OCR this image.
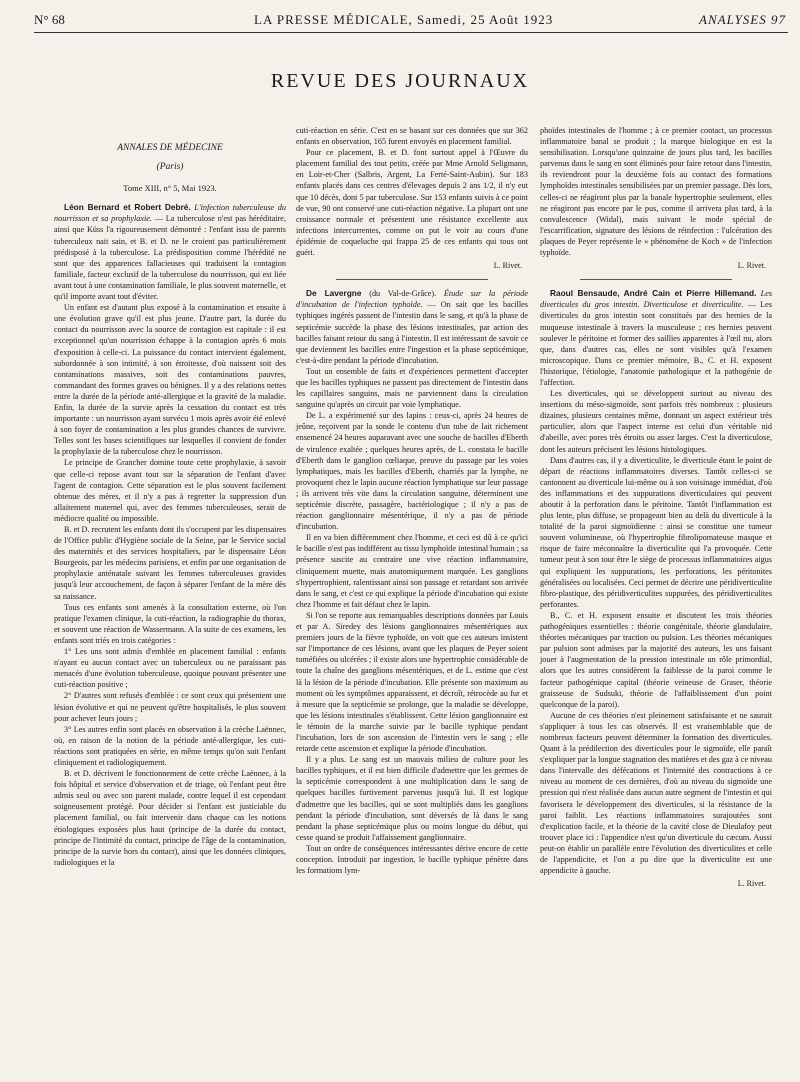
N° 68	LA PRESSE MÉDICALE, Samedi, 25 Août 1923	ANALYSES 97
REVUE DES JOURNAUX

ANNALES DE MÉDECINE

(Paris)

Tome XIII, n° 5, Mai 1923.

Léon Bernard et Robert Debré. L'infection tuberculeuse du nourrisson et sa prophylaxie. — La tuberculose n'est pas héréditaire, ainsi que Küss l'a rigoureusement démontré : l'enfant issu de parents tuberculeux nait sain, et B. et D. ne le croient pas particulièrement prédisposé à la tuberculose. La prédisposition comme l'hérédité ne sont que des apparences fallacieuses qui traduisent la contagion familiale, facteur exclusif de la tuberculose du nourrisson, qui est liée avant tout à une contamination familiale, le plus souvent maternelle, et qu'il importe avant tout d'éviter.

Un enfant est d'autant plus exposé à la contamination et ensuite à une évolution grave qu'il est plus jeune. D'autre part, la durée du contact du nourrisson avec la source de contagion est capitale : il est exceptionnel qu'un nourrisson échappe à la contagion après 6 mois d'exposition à celle-ci. La puissance du contact intervient également, subordonnée à son intimité, à son étroitesse, d'où naissent soit des contaminations massives, soit des contaminations pauvres, commandant des formes graves ou bénignes. Il y a des relations nettes entre la durée de la période anté-allergique et la gravité de la maladie. Enfin, la durée de la survie après la cessation du contact est très importante : un nourrisson ayant survécu 1 mois après avoir été enlevé à son foyer de contamination a les plus grandes chances de survivre. Telles sont les bases scientifiques sur lesquelles il convient de fonder la prophylaxie de la tuberculose chez le nourrisson.

Le principe de Grancher domine toute cette prophylaxie, à savoir que celle-ci repose avant tout sur la séparation de l'enfant d'avec l'agent de contagion. Cette séparation est le plus souvent facilement obtenue des mères, et il n'y a pas à regretter la suppression d'un allaitement maternel qui, avec des femmes tuberculeuses, serait de médiocre qualité ou impossible.

B. et D. recrutent les enfants dont ils s'occupent par les dispensaires de l'Office public d'Hygiène sociale de la Seine, par le Service social des maternités et des services hospitaliers, par le dispensaire Léon Bourgeois, par les médecins parisiens, et enfin par une organisation de prophylaxie anténatale suivant les femmes tuberculeuses gravides jusqu'à leur accouchement, de façon à séparer l'enfant de la mère dès sa naissance.

Tous ces enfants sont amenés à la consultation externe, où l'on pratique l'examen clinique, la cuti-réaction, la radiographie du thorax, et souvent une réaction de Wassermann. A la suite de ces examens, les enfants sont triés en trois catégories :

1° Les uns sont admis d'emblée en placement familial : enfants n'ayant eu aucun contact avec un tuberculeux ou ne paraissant pas menacés d'une évolution tuberculeuse, quoique pouvant présenter une cuti-réaction positive ;

2° D'autres sont refusés d'emblée : ce sont ceux qui présentent une lésion évolutive et qui ne peuvent qu'être hospitalisés, le plus souvent pour achever leurs jours ;

3° Les autres enfin sont placés en observation à la crèche Laënnec, où, en raison de la notion de la période anté-allergique, les cuti-réactions sont pratiquées en série, en même temps qu'on suit l'enfant cliniquement et radiologiquement.

B. et D. décrivent le fonctionnement de cette crèche Laënnec, à la fois hôpital et service d'observation et de triage, où l'enfant peut être admis seul ou avec son parent malade, contre lequel il est cependant soigneusement protégé. Pour décider si l'enfant est justiciable du placement familial, ou fait intervenir dans chaque cas les notions étiologiques exposées plus haut (principe de la durée du contact, principe de l'intimité du contact, principe de l'âge de la contamination, principe de la survie hors du contact), ainsi que les données cliniques, radiologiques et la

cuti-réaction en série. C'est en se basant sur ces données que sur 362 enfants en observation, 165 furent envoyés en placement familial.

Pour ce placement, B. et D. font surtout appel à l'Œuvre du placement familial des tout petits, créée par Mme Arnold Seligmann, en Loir-et-Cher (Salbris, Argent, La Ferté-Saint-Aubin). Sur 183 enfants placés dans ces centres d'élevages depuis 2 ans 1/2, il n'y eut que 10 décès, dont 5 par tuberculose. Sur 153 enfants suivis à ce point de vue, 90 ont conservé une cuti-réaction négative. La plupart ont une croissance normale et présentent une résistance excellente aux infections intercurrentes, comme on put le voir au cours d'une épidémie de coqueluche qui frappa 25 de ces enfants qui tous ont guéri.

L. Rivet.

De Lavergne (du Val-de-Grâce). Étude sur la période d'incubation de l'infection typhoïde. — On sait que les bacilles typhiques ingérés passent de l'intestin dans le sang, et qu'à la phase de septicémie succède la phase des lésions intestinales, par action des bacilles faisant retour du sang à l'intestin. Il est intéressant de savoir ce que deviennent les bacilles entre l'ingestion et la phase septicémique, c'est-à-dire pendant la période d'incubation.

Tout un ensemble de faits et d'expériences permettent d'accepter que les bacilles typhiques ne passent pas directement de l'intestin dans les capillaires sanguins, mais ne parviennent dans la circulation sanguine qu'après un circuit par voie lymphatique.

De L. a expérimenté sur des lapins : ceux-ci, après 24 heures de jeûne, reçoivent par la sonde le contenu d'un tube de lait richement ensemencé 24 heures auparavant avec une souche de bacilles d'Eberth de virulence exaltée ; quelques heures après, de L. constata le bacille d'Eberth dans le ganglion cœliaque, preuve du passage par les voies lymphatiques, mais les bacilles d'Eberth, charriés par la lymphe, ne provoquent chez le lapin aucune réaction lymphatique sur leur passage ; ils arrivent très vite dans la circulation sanguine, déterminent une septicémie discrète, passagère, bactériologique ; il n'y a pas de réaction ganglionnaire mésentérique, il n'y a pas de période d'incubation.

Il en va bien différemment chez l'homme, et ceci est dû à ce qu'ici le bacille n'est pas indifférent au tissu lymphoïde intestinal humain ; sa présence suscite au contraire une vive réaction inflammatoire, cliniquement muette, mais anatomiquement marquée. Les ganglions s'hypertrophient, ralentissant ainsi son passage et retardant son arrivée dans le sang, et c'est ce qui explique la période d'incubation qui existe chez l'homme et fait défaut chez le lapin.

Si l'on se reporte aux remarquables descriptions données par Louis et par A. Siredey des lésions ganglionnaires mésentériques aux premiers jours de la fièvre typhoïde, on voit que ces auteurs insistent sur l'importance de ces lésions, avant que les plaques de Peyer soient tuméfiées ou ulcérées ; il existe alors une hypertrophie considérable de toute la chaîne des ganglions mésentériques, et de L. estime que c'est là la lésion de la période d'incubation. Elle présente son maximum au moment où les symptômes apparaissent, et décroît, rétrocède au fur et à mesure que la septicémie se prolonge, que la maladie se développe, que les lésions intestinales s'établissent. Cette lésion ganglionnaire est le témoin de la marche suivie par le bacille typhique pendant l'incubation, lors de son ascension de l'intestin vers le sang ; elle retarde cette ascension et explique la période d'incubation.

Il y a plus. Le sang est un mauvais milieu de culture pour les bacilles typhiques, et il est bien difficile d'admettre que les germes de la septicémie correspondent à une multiplication dans le sang de quelques bacilles furtivement parvenus jusqu'à lui. Il est logique d'admettre que les bacilles, qui se sont multipliés dans les ganglions pendant la période d'incubation, sont déversés de là dans le sang pendant la phase septicémique plus ou moins longue du début, qui cesse quand se produit l'affaissement ganglionnaire.

Tout un ordre de conséquences intéressantes dérive encore de cette conception. Introduit par ingestion, le bacille typhique pénètre dans les formations lym-

phoïdes intestinales de l'homme ; à ce premier contact, un processus inflammatoire banal se produit ; la marque biologique en est la sensibilisation. Lorsqu'une quinzaine de jours plus tard, les bacilles parvenus dans le sang en sont éliminés pour faire retour dans l'intestin, ils reviendront pour la deuxième fois au contact des formations lymphoïdes intestinales sensibilisées par un premier passage. Dès lors, celles-ci ne réagiront plus par la banale hypertrophie seulement, elles ne réagiront pas encore par le pus, comme il arrivera plus tard, à la convalescence (Widal), mais suivant le mode spécial de l'escarrification, signature des lésions de réinfection : l'ulcération des plaques de Peyer représente le « phénomène de Koch » de l'infection typhoïde.

L. Rivet.

Raoul Bensaude, André Cain et Pierre Hillemand. Les diverticules du gros intestin. Diverticulose et diverticulite. — Les diverticules du gros intestin sont constitués par des hernies de la muqueuse intestinale à travers la musculeuse ; ces hernies peuvent soulever le péritoine et former des saillies apparentes à l'œil nu, alors que, dans d'autres cas, elles ne sont visibles qu'à l'examen microscopique. Dans ce premier mémoire, B., C. et H. exposent l'historique, l'étiologie, l'anatomie pathologique et la pathogénie de l'affection.

Les diverticules, qui se développent surtout au niveau des insertions du méso-sigmoïde, sont parfois très nombreux : plusieurs dizaines, plusieurs centaines même, donnant un aspect extérieur très particulier, alors que l'aspect interne est celui d'un véritable nid d'abeille, avec pores très étroits ou assez larges. C'est la diverticulose, dont les auteurs précisent les lésions histologiques.

Dans d'autres cas, il y a diverticulite, le diverticule étant le point de départ de réactions inflammatoires diverses. Tantôt celles-ci se cantonnent au diverticule lui-même ou à son voisinage immédiat, d'où des inflammations et des suppurations diverticulaires qui peuvent aboutir à la perforation dans le péritoine. Tantôt l'inflammation est plus lente, plus diffuse, se propageant bien au delà du diverticule à la totalité de la paroi sigmoïdienne : ainsi se constitue une tumeur souvent volumineuse, où l'hypertrophie fibrolipomateuse masque et risque de faire méconnaître la diverticulite qui l'a provoquée. Cette tumeur peut à son tour être le siège de processus inflammatoires aigus qui expliquent les suppurations, les perforations, les péritonites généralisées ou localisées. Ceci permet de décrire une péridiverticulite fibro-plastique, des péridiverticulites suppurées, des péridiverticulites perforantes.

B., C. et H. exposent ensuite et discutent les trois théories pathogéniques essentielles : théorie congénitale, théorie glandulaire, théories mécaniques par traction ou pulsion. Les théories mécaniques par pulsion sont admises par la majorité des auteurs, les uns faisant jouer à l'augmentation de la pression intestinale un rôle primordial, alors que les autres considèrent la faiblesse de la paroi comme le facteur pathogénique capital (théorie veineuse de Graser, théorie graisseuse de Sudsuki, théorie de l'affaiblissement d'un point quelconque de la paroi).

Aucune de ces théories n'est pleinement satisfaisante et ne saurait s'appliquer à tous les cas observés. Il est vraisemblable que de nombreux facteurs peuvent déterminer la formation des diverticules. Quant à la prédilection des diverticules pour le sigmoïde, elle paraît s'expliquer par la longue stagnation des matières et des gaz à ce niveau dans l'intervalle des défécations et l'intensité des contractions à ce niveau au moment de ces dernières, d'où au niveau du sigmoïde une pression qui n'est réalisée dans aucun autre segment de l'intestin et qui favorisera le développement des diverticules, si la résistance de la paroi faiblit. Les réactions inflammatoires surajoutées sont d'explication facile, et la théorie de la cavité close de Dieulafoy peut trouver place ici : l'appendice n'est qu'un diverticule du cæcum. Aussi peut-on établir un parallèle entre l'évolution des diverticulites et celle de l'appendicite, et l'on a pu dire que la diverticulite est une appendicite à gauche.

L. Rivet.
